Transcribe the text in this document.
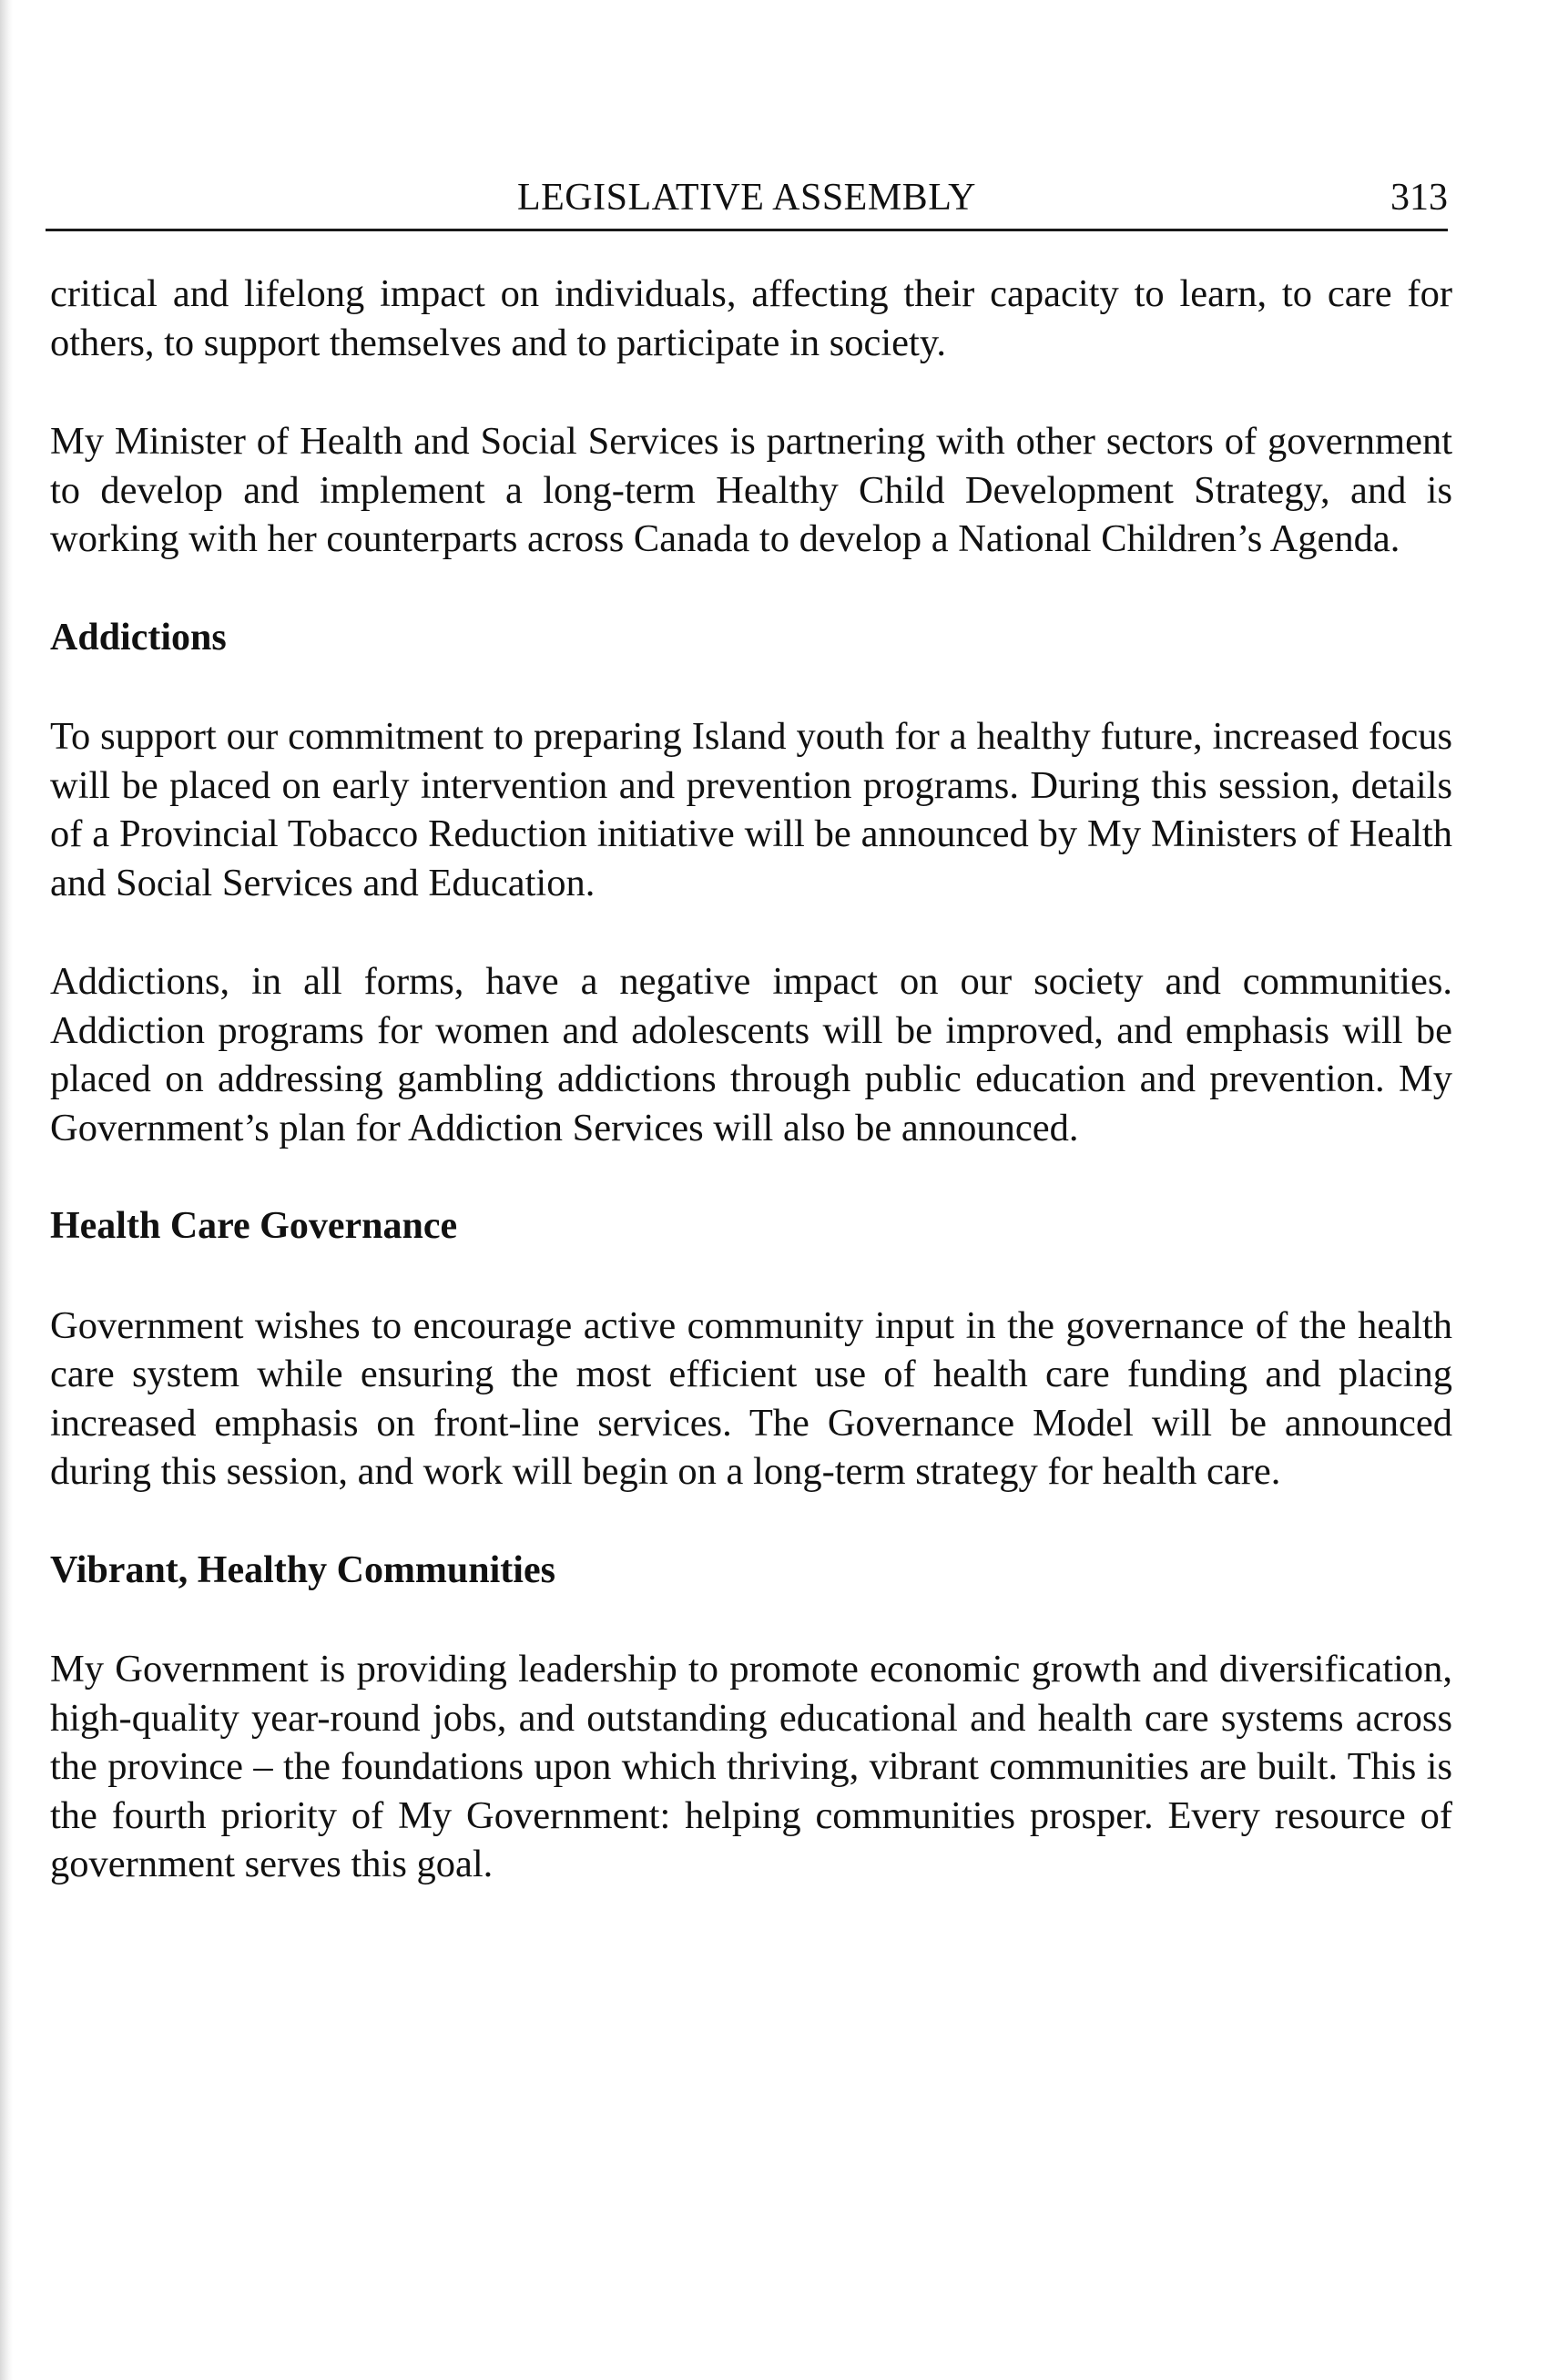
LEGISLATIVE ASSEMBLY	313

critical and lifelong impact on individuals, affecting their capacity to learn, to care for others, to support themselves and to participate in society.

My Minister of Health and Social Services is partnering with other sectors of government to develop and implement a long-term Healthy Child Development Strategy, and is working with her counterparts across Canada to develop a National Children’s Agenda.

Addictions

To support our commitment to preparing Island youth for a healthy future, increased focus will be placed on early intervention and prevention programs. During this session, details of a Provincial Tobacco Reduction initiative will be announced by My Ministers of Health and Social Services and Education.

Addictions, in all forms, have a negative impact on our society and communities. Addiction programs for women and adolescents will be improved, and emphasis will be placed on addressing gambling addictions through public education and prevention. My Government’s plan for Addiction Services will also be announced.

Health Care Governance

Government wishes to encourage active community input in the governance of the health care system while ensuring the most efficient use of health care funding and placing increased emphasis on front-line services. The Governance Model will be announced during this session, and work will begin on a long-term strategy for health care.

Vibrant, Healthy Communities

My Government is providing leadership to promote economic growth and diversification, high-quality year-round jobs, and outstanding educational and health care systems across the province – the foundations upon which thriving, vibrant communities are built. This is the fourth priority of My Government: helping communities prosper. Every resource of government serves this goal.
